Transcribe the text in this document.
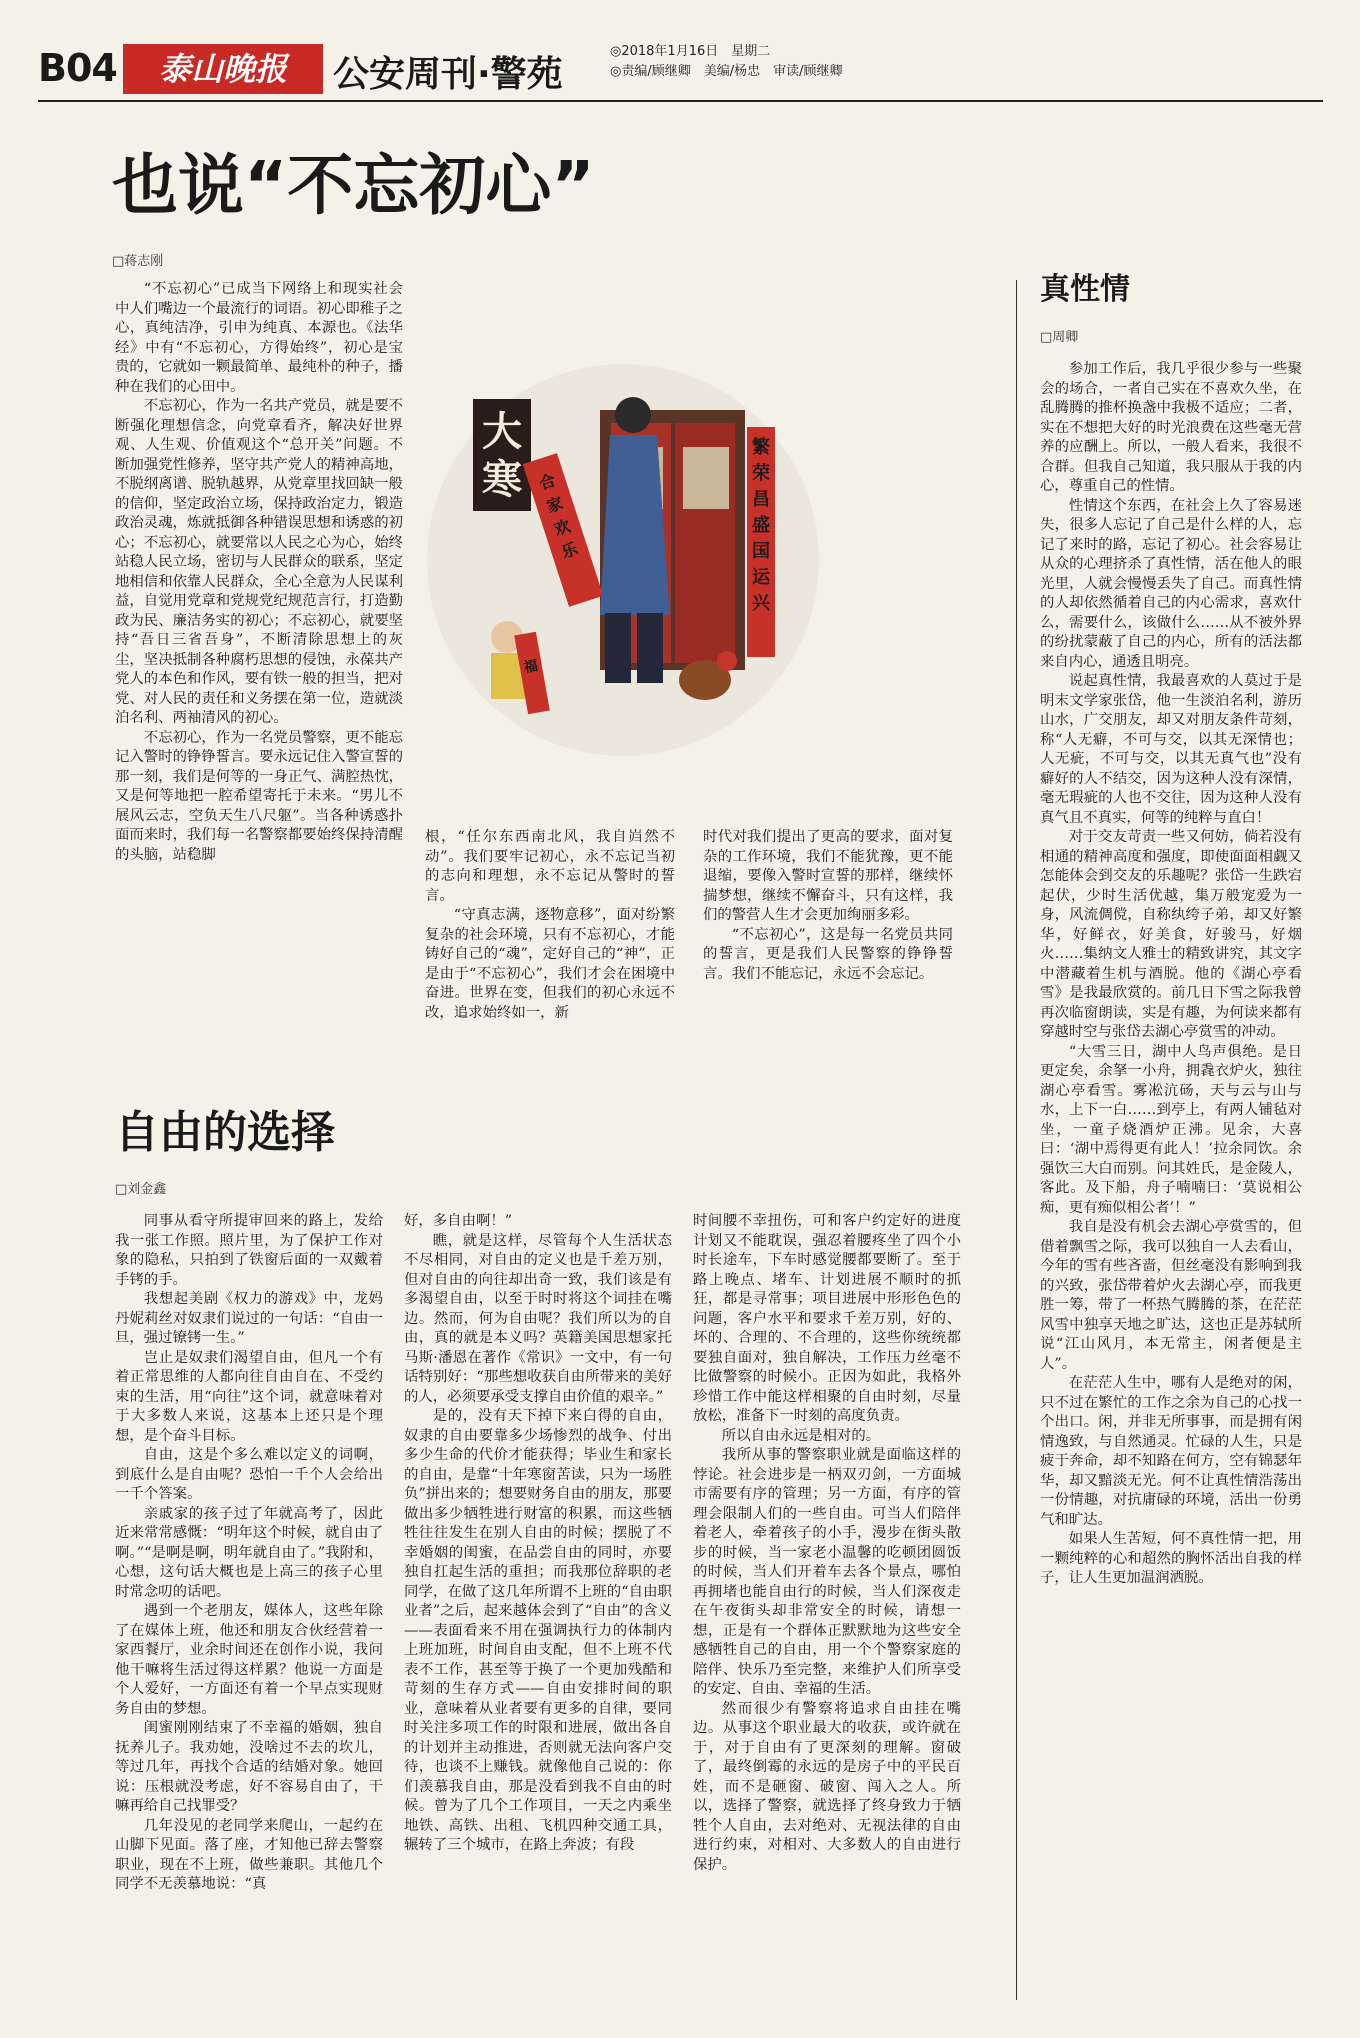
B04	泰山晚报	公安周刊·警苑
◎2018年1月16日　星期二
◎责编/顾继卿　美编/杨忠　审读/顾继卿
也说“不忘初心”
□蒋志刚

“不忘初心”已成当下网络上和现实社会中人们嘴边一个最流行的词语。初心即稚子之心，真纯洁净，引申为纯真、本源也。《法华经》中有“不忘初心，方得始终”，初心是宝贵的，它就如一颗最简单、最纯朴的种子，播种在我们的心田中。

不忘初心，作为一名共产党员，就是要不断强化理想信念，向党章看齐，解决好世界观、人生观、价值观这个“总开关”问题。不断加强党性修养，坚守共产党人的精神高地，不脱纲离谱、脱轨越界，从党章里找回缺一般的信仰，坚定政治立场，保持政治定力，锻造政治灵魂，炼就抵御各种错误思想和诱惑的初心；不忘初心，就要常以人民之心为心，始终站稳人民立场，密切与人民群众的联系，坚定地相信和依靠人民群众，全心全意为人民谋利益，自觉用党章和党规党纪规范言行，打造勤政为民、廉洁务实的初心；不忘初心，就要坚持“吾日三省吾身”，不断清除思想上的灰尘，坚决抵制各种腐朽思想的侵蚀，永葆共产党人的本色和作风，要有铁一般的担当，把对党、对人民的责任和义务摆在第一位，造就淡泊名利、两袖清风的初心。

不忘初心，作为一名党员警察，更不能忘记入警时的铮铮誓言。要永远记住入警宣誓的那一刻，我们是何等的一身正气、满腔热忱，又是何等地把一腔希望寄托于未来。“男儿不展风云志，空负天生八尺躯”。当各种诱惑扑面而来时，我们每一名警察都要始终保持清醒的头脑，站稳脚

大寒
繁荣昌盛国运兴
合家欢乐
福

根，“任尔东西南北风，我自岿然不动”。我们要牢记初心，永不忘记当初的志向和理想，永不忘记从警时的誓言。

“守真志满，逐物意移”，面对纷繁复杂的社会环境，只有不忘初心，才能铸好自己的“魂”，定好自己的“神”，正是由于“不忘初心”，我们才会在困境中奋进。世界在变，但我们的初心永远不改，追求始终如一，新

时代对我们提出了更高的要求，面对复杂的工作环境，我们不能犹豫，更不能退缩，要像入警时宣誓的那样，继续怀揣梦想，继续不懈奋斗，只有这样，我们的警营人生才会更加绚丽多彩。

“不忘初心”，这是每一名党员共同的誓言，更是我们人民警察的铮铮誓言。我们不能忘记，永远不会忘记。

自由的选择
□刘金鑫

同事从看守所提审回来的路上，发给我一张工作照。照片里，为了保护工作对象的隐私，只拍到了铁窗后面的一双戴着手铐的手。

我想起美剧《权力的游戏》中，龙妈丹妮莉丝对奴隶们说过的一句话：“自由一旦，强过镣铐一生。”

岂止是奴隶们渴望自由，但凡一个有着正常思维的人都向往自由自在、不受约束的生活，用“向往”这个词，就意味着对于大多数人来说，这基本上还只是个理想，是个奋斗目标。

自由，这是个多么难以定义的词啊，到底什么是自由呢？恐怕一千个人会给出一千个答案。

亲戚家的孩子过了年就高考了，因此近来常常感慨：“明年这个时候，就自由了啊。”“是啊是啊，明年就自由了。”我附和，心想，这句话大概也是上高三的孩子心里时常念叨的话吧。

遇到一个老朋友，媒体人，这些年除了在媒体上班，他还和朋友合伙经营着一家西餐厅，业余时间还在创作小说，我问他干嘛将生活过得这样累？他说一方面是个人爱好，一方面还有着一个早点实现财务自由的梦想。

闺蜜刚刚结束了不幸福的婚姻，独自抚养儿子。我劝她，没啥过不去的坎儿，等过几年，再找个合适的结婚对象。她回说：压根就没考虑，好不容易自由了，干嘛再给自己找罪受？

几年没见的老同学来爬山，一起约在山脚下见面。落了座，才知他已辞去警察职业，现在不上班，做些兼职。其他几个同学不无羡慕地说：“真

好，多自由啊！”

瞧，就是这样，尽管每个人生活状态不尽相同，对自由的定义也是千差万别，但对自由的向往却出奇一致，我们该是有多渴望自由，以至于时时将这个词挂在嘴边。然而，何为自由呢？我们所以为的自由，真的就是本义吗？英籍美国思想家托马斯·潘恩在著作《常识》一文中，有一句话特别好：“那些想收获自由所带来的美好的人，必须要承受支撑自由价值的艰辛。”

是的，没有天下掉下来白得的自由，奴隶的自由要靠多少场惨烈的战争、付出多少生命的代价才能获得；毕业生和家长的自由，是靠“十年寒窗苦读，只为一场胜负”拼出来的；想要财务自由的朋友，那要做出多少牺牲进行财富的积累，而这些牺牲往往发生在别人自由的时候；摆脱了不幸婚姻的闺蜜，在品尝自由的同时，亦要独自扛起生活的重担；而我那位辞职的老同学，在做了这几年所谓不上班的“自由职业者”之后，起来越体会到了“自由”的含义——表面看来不用在强调执行力的体制内上班加班，时间自由支配，但不上班不代表不工作，甚至等于换了一个更加残酷和苛刻的生存方式——自由安排时间的职业，意味着从业者要有更多的自律，要同时关注多项工作的时限和进展，做出各自的计划并主动推进，否则就无法向客户交待，也谈不上赚钱。就像他自己说的：你们羡慕我自由，那是没看到我不自由的时候。曾为了几个工作项目，一天之内乘坐地铁、高铁、出租、飞机四种交通工具，辗转了三个城市，在路上奔波；有段

时间腰不幸扭伤，可和客户约定好的进度计划又不能耽误，强忍着腰疼坐了四个小时长途车，下车时感觉腰都要断了。至于路上晚点、堵车、计划进展不顺时的抓狂，都是寻常事；项目进展中形形色色的问题，客户水平和要求千差万别，好的、坏的、合理的、不合理的，这些你统统都要独自面对，独自解决，工作压力丝毫不比做警察的时候小。正因为如此，我格外珍惜工作中能这样相聚的自由时刻，尽量放松，准备下一时刻的高度负责。

所以自由永远是相对的。

我所从事的警察职业就是面临这样的悖论。社会进步是一柄双刃剑，一方面城市需要有序的管理；另一方面，有序的管理会限制人们的一些自由。可当人们陪伴着老人，牵着孩子的小手，漫步在街头散步的时候，当一家老小温馨的吃顿团圆饭的时候，当人们开着车去各个景点，哪怕再拥堵也能自由行的时候，当人们深夜走在午夜街头却非常安全的时候，请想一想，正是有一个群体正默默地为这些安全感牺牲自己的自由，用一个个警察家庭的陪伴、快乐乃至完整，来维护人们所享受的安定、自由、幸福的生活。

然而很少有警察将追求自由挂在嘴边。从事这个职业最大的收获，或许就在于，对于自由有了更深刻的理解。窗破了，最终倒霉的永远的是房子中的平民百姓，而不是砸窗、破窗、闯入之人。所以，选择了警察，就选择了终身致力于牺牲个人自由，去对绝对、无视法律的自由进行约束，对相对、大多数人的自由进行保护。

真性情
□周卿

参加工作后，我几乎很少参与一些聚会的场合，一者自己实在不喜欢久坐，在乱腾腾的推杯换盏中我极不适应；二者，实在不想把大好的时光浪费在这些毫无营养的应酬上。所以，一般人看来，我很不合群。但我自己知道，我只服从于我的内心，尊重自己的性情。

性情这个东西，在社会上久了容易迷失，很多人忘记了自己是什么样的人，忘记了来时的路，忘记了初心。社会容易让从众的心理挤杀了真性情，活在他人的眼光里，人就会慢慢丢失了自己。而真性情的人却依然循着自己的内心需求，喜欢什么，需要什么，该做什么……从不被外界的纷扰蒙蔽了自己的内心，所有的活法都来自内心，通透且明亮。

说起真性情，我最喜欢的人莫过于是明末文学家张岱，他一生淡泊名利，游历山水，广交朋友，却又对朋友条件苛刻，称“人无癖，不可与交，以其无深情也；人无疵，不可与交，以其无真气也”没有癖好的人不结交，因为这种人没有深情，毫无瑕疵的人也不交往，因为这种人没有真气且不真实，何等的纯粹与直白！

对于交友苛责一些又何妨，倘若没有相通的精神高度和强度，即使面面相觑又怎能体会到交友的乐趣呢？张岱一生跌宕起伏，少时生活优越，集万般宠爱为一身，风流倜傥，自称纨绔子弟，却又好繁华，好鲜衣，好美食，好骏马，好烟火……集纳文人雅士的精致讲究，其文字中潜藏着生机与酒脱。他的《湖心亭看雪》是我最欣赏的。前几日下雪之际我曾再次临窗朗读，实是有趣，为何读来都有穿越时空与张岱去湖心亭赏雪的冲动。

“大雪三日，湖中人鸟声俱绝。是日更定矣，余拏一小舟，拥毳衣炉火，独往湖心亭看雪。雾凇沆砀，天与云与山与水，上下一白……到亭上，有两人铺毡对坐，一童子烧酒炉正沸。见余，大喜曰：‘湖中焉得更有此人！’拉余同饮。余强饮三大白而别。问其姓氏，是金陵人，客此。及下船，舟子喃喃曰：‘莫说相公痴，更有痴似相公者’！”

我自是没有机会去湖心亭赏雪的，但借着飘雪之际，我可以独自一人去看山，今年的雪有些吝啬，但丝毫没有影响到我的兴致，张岱带着炉火去湖心亭，而我更胜一筹，带了一杯热气腾腾的茶，在茫茫风雪中独享天地之旷达，这也正是苏轼所说“江山风月，本无常主，闲者便是主人”。

在茫茫人生中，哪有人是绝对的闲，只不过在繁忙的工作之余为自己的心找一个出口。闲，并非无所事事，而是拥有闲情逸致，与自然通灵。忙碌的人生，只是疲于奔命，却不知路在何方，空有锦瑟年华，却又黯淡无光。何不让真性情浩荡出一份情趣，对抗庸碌的环境，活出一份勇气和旷达。

如果人生苦短，何不真性情一把，用一颗纯粹的心和超然的胸怀活出自我的样子，让人生更加温润洒脱。
